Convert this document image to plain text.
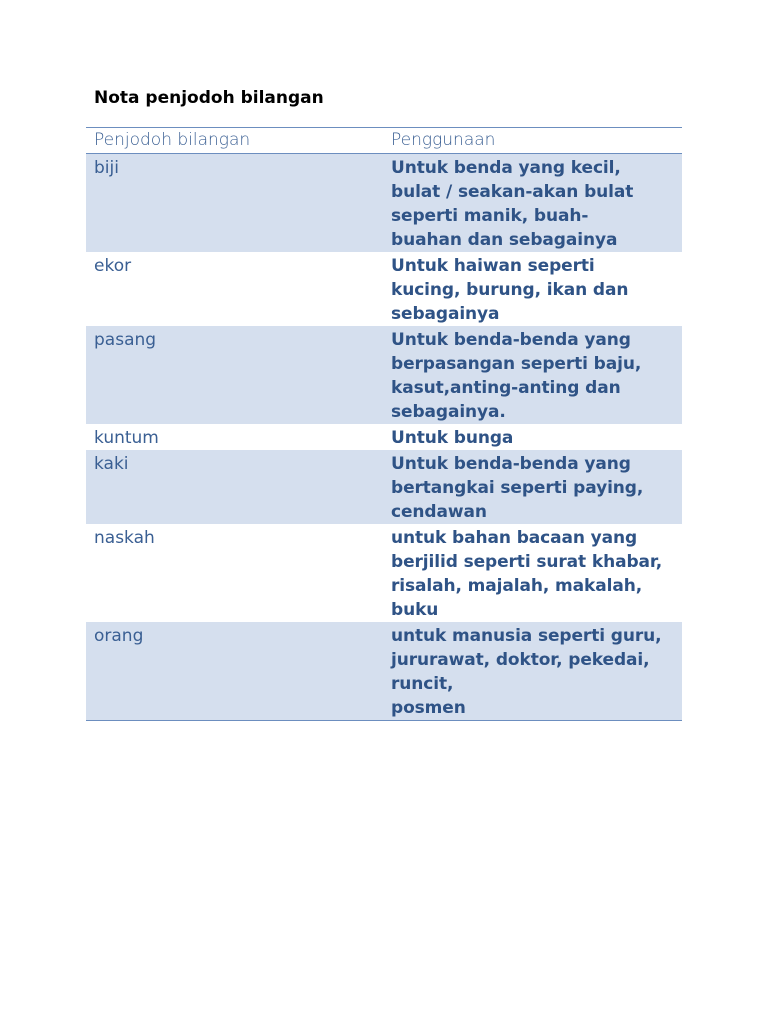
Nota penjodoh bilangan
Penjodoh bilangan	Penggunaan
biji	Untuk benda yang kecil,
bulat / seakan-akan bulat
seperti manik, buah-
buahan dan sebagainya

ekor	Untuk haiwan seperti
kucing, burung, ikan dan
sebagainya

pasang	Untuk benda-benda yang
berpasangan seperti baju,
kasut,anting-anting dan
sebagainya.

kuntum	Untuk bunga

kaki	Untuk benda-benda yang
bertangkai seperti paying,
cendawan

naskah	untuk bahan bacaan yang
berjilid seperti surat khabar,
risalah, majalah, makalah,
buku

orang	untuk manusia seperti guru,
jururawat, doktor, pekedai,
runcit,
posmen
